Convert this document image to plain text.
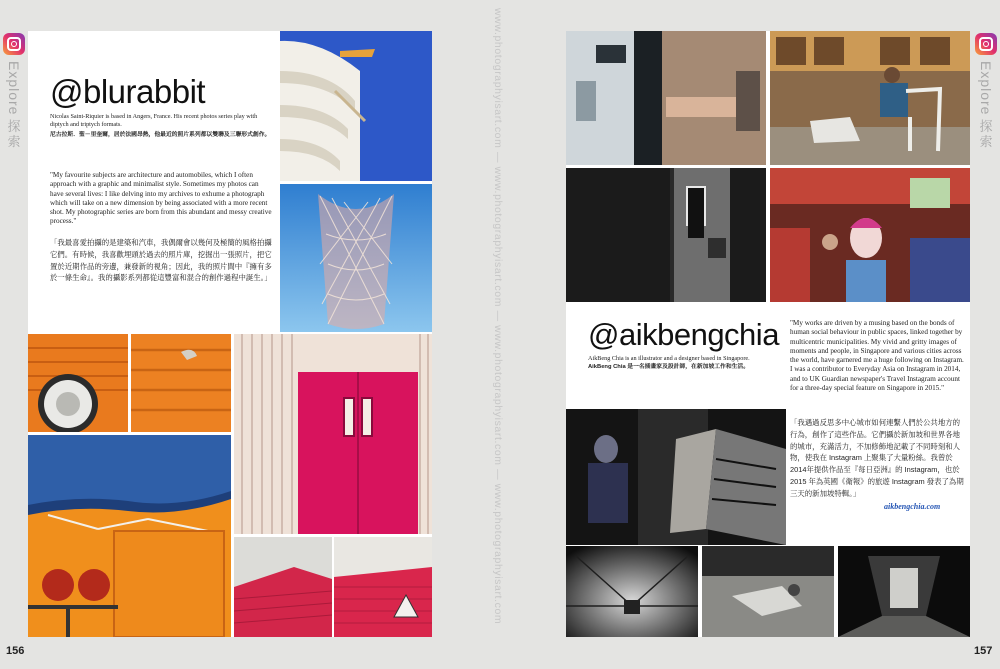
www.photographyisart.com — www.photographyisart.com — www.photographyisart.com — www.photographyisart.com
Explore
探
索
@blurabbit
Nicolas Saint-Riquier is based in Angers, France. His recent photos series play with diptych and triptych formats.
尼古拉斯．聖－里奎爾，居於法國昂熱，他最近的照片系列都以雙聯及三聯形式創作。
"My favourite subjects are architecture and automobiles, which I often approach with a graphic and minimalist style. Sometimes my photos can have several lives: I like delving into my archives to exhume a photograph which will take on a new dimension by being associated with a more recent shot. My photographic series are born from this abundant and messy creative process."
「我最喜愛拍攝的是建築和汽車，我偶爾會以幾何及極簡的風格拍攝它們。有時候，我喜歡埋頭於過去的照片庫，挖掘出一張照片，把它置於近期作品的旁邊，兼發新的視角；因此，我的照片間中『擁有多於一條生命』。我的攝影系列都從這豐富和混合的創作過程中誕生。」
156
@aikbengchia
AikBeng Chia is an illustrator and a designer based in Singapore.
AikBeng Chia 是一名插畫家及設計師，在新加坡工作和生活。
"My works are driven by a musing based on the bonds of human social behaviour in public spaces, linked together by multicentric municipalities. My vivid and gritty images of moments and people, in Singapore and various cities across the world, have garnered me a huge following on Instagram. I was a contributor to Everyday Asia on Instagram in 2014, and to UK Guardian newspaper's Travel Instagram account for a three-day special feature on Singapore in 2015."
「我遇過反思多中心城市如何連繫人們於公共地方的行為，創作了這些作品。它們攝於新加坡和世界各地的城市，充滿活力，不加修飾地記載了不同時刻和人物，使我在 Instagram 上聚集了大量粉絲。我曾於2014年提供作品至『每日亞洲』的 Instagram，也於 2015 年為英國《衛報》的旅遊 Instagram 發表了為期三天的新加坡特輯。」
aikbengchia.com
Explore
探
索
157
